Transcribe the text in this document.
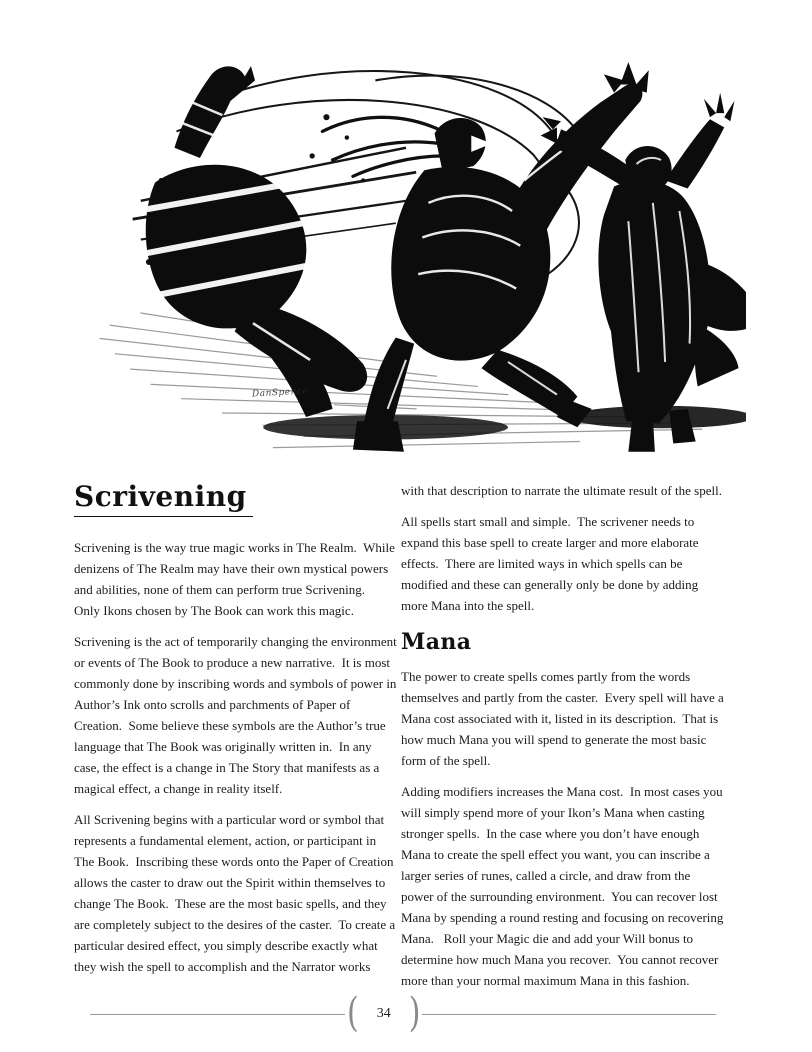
DanSpence
Scrivening

Scrivening is the way true magic works in The Realm.  While denizens of The Realm may have their own mystical powers and abilities, none of them can perform true Scrivening.  Only Ikons chosen by The Book can work this magic.

Scrivening is the act of temporarily changing the environment or events of The Book to produce a new narrative.  It is most commonly done by inscribing words and symbols of power in Author’s Ink onto scrolls and parchments of Paper of Creation.  Some believe these symbols are the Author’s true language that The Book was originally written in.  In any case, the effect is a change in The Story that manifests as a magical effect, a change in reality itself.

All Scrivening begins with a particular word or symbol that represents a fundamental element, action, or participant in The Book.  Inscribing these words onto the Paper of Creation allows the caster to draw out the Spirit within themselves to change The Book.  These are the most basic spells, and they are completely subject to the desires of the caster.  To create a particular desired effect, you simply describe exactly what they wish the spell to accomplish and the Narrator works

with that description to narrate the ultimate result of the spell.

All spells start small and simple.  The scrivener needs to expand this base spell to create larger and more elaborate effects.  There are limited ways in which spells can be modified and these can generally only be done by adding more Mana into the spell.

Mana

The power to create spells comes partly from the words themselves and partly from the caster.  Every spell will have a Mana cost associated with it, listed in its description.  That is how much Mana you will spend to generate the most basic form of the spell.

Adding modifiers increases the Mana cost.  In most cases you will simply spend more of your Ikon’s Mana when casting stronger spells.  In the case where you don’t have enough Mana to create the spell effect you want, you can inscribe a larger series of runes, called a circle, and draw from the power of the surrounding environment.  You can recover lost Mana by spending a round resting and focusing on recovering Mana.   Roll your Magic die and add your Will bonus to determine how much Mana you recover.  You cannot recover more than your normal maximum Mana in this fashion.

(	34 )
